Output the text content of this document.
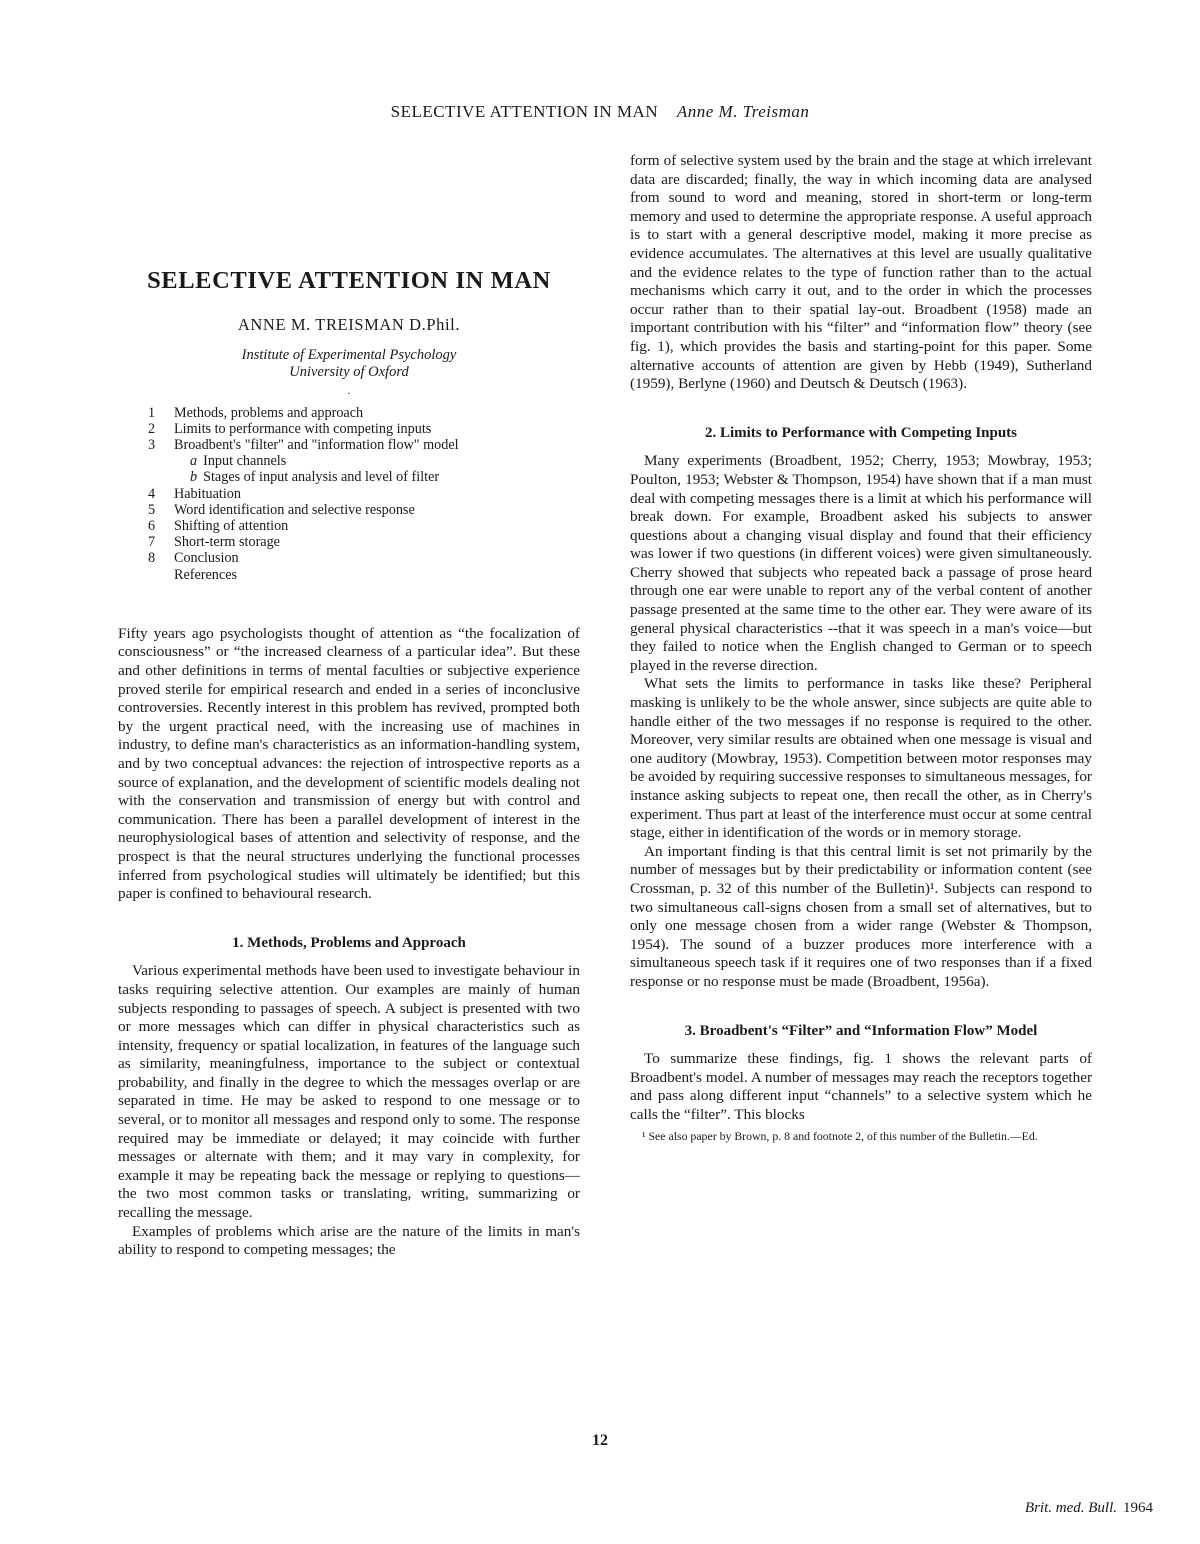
SELECTIVE ATTENTION IN MAN Anne M. Treisman
SELECTIVE ATTENTION IN MAN
ANNE M. TREISMAN D.Phil.
Institute of Experimental Psychology
University of Oxford
.
1	Methods, problems and approach
2	Limits to performance with competing inputs
3	Broadbent's "filter" and "information flow" model
a Input channels
b Stages of input analysis and level of filter
4	Habituation
5	Word identification and selective response
6	Shifting of attention
7	Short-term storage
8	Conclusion
References

Fifty years ago psychologists thought of attention as “the focalization of consciousness” or “the increased clearness of a particular idea”. But these and other definitions in terms of mental faculties or subjective experience proved sterile for empirical research and ended in a series of inconclusive controversies. Recently interest in this problem has revived, prompted both by the urgent practical need, with the increasing use of machines in industry, to define man's characteristics as an information-handling system, and by two conceptual advances: the rejection of introspective reports as a source of explanation, and the development of scientific models dealing not with the conservation and transmission of energy but with control and communication. There has been a parallel development of interest in the neurophysiological bases of attention and selectivity of response, and the prospect is that the neural structures underlying the functional processes inferred from psychological studies will ultimately be identified; but this paper is confined to behavioural research.

1. Methods, Problems and Approach

Various experimental methods have been used to investigate behaviour in tasks requiring selective attention. Our examples are mainly of human subjects responding to passages of speech. A subject is presented with two or more messages which can differ in physical characteristics such as intensity, frequency or spatial localization, in features of the language such as similarity, meaningfulness, importance to the subject or contextual probability, and finally in the degree to which the messages overlap or are separated in time. He may be asked to respond to one message or to several, or to monitor all messages and respond only to some. The response required may be immediate or delayed; it may coincide with further messages or alternate with them; and it may vary in complexity, for example it may be repeating back the message or replying to questions—the two most common tasks or translating, writing, summarizing or recalling the message.

Examples of problems which arise are the nature of the limits in man's ability to respond to competing messages; the

form of selective system used by the brain and the stage at which irrelevant data are discarded; finally, the way in which incoming data are analysed from sound to word and meaning, stored in short-term or long-term memory and used to determine the appropriate response. A useful approach is to start with a general descriptive model, making it more precise as evidence accumulates. The alternatives at this level are usually qualitative and the evidence relates to the type of function rather than to the actual mechanisms which carry it out, and to the order in which the processes occur rather than to their spatial lay-out. Broadbent (1958) made an important contribution with his “filter” and “information flow” theory (see fig. 1), which provides the basis and starting-point for this paper. Some alternative accounts of attention are given by Hebb (1949), Sutherland (1959), Berlyne (1960) and Deutsch & Deutsch (1963).

2. Limits to Performance with Competing Inputs

Many experiments (Broadbent, 1952; Cherry, 1953; Mowbray, 1953; Poulton, 1953; Webster & Thompson, 1954) have shown that if a man must deal with competing messages there is a limit at which his performance will break down. For example, Broadbent asked his subjects to answer questions about a changing visual display and found that their efficiency was lower if two questions (in different voices) were given simultaneously. Cherry showed that subjects who repeated back a passage of prose heard through one ear were unable to report any of the verbal content of another passage presented at the same time to the other ear. They were aware of its general physical characteristics --that it was speech in a man's voice—but they failed to notice when the English changed to German or to speech played in the reverse direction.

What sets the limits to performance in tasks like these? Peripheral masking is unlikely to be the whole answer, since subjects are quite able to handle either of the two messages if no response is required to the other. Moreover, very similar results are obtained when one message is visual and one auditory (Mowbray, 1953). Competition between motor responses may be avoided by requiring successive responses to simultaneous messages, for instance asking subjects to repeat one, then recall the other, as in Cherry's experiment. Thus part at least of the interference must occur at some central stage, either in identification of the words or in memory storage.

An important finding is that this central limit is set not primarily by the number of messages but by their predictability or information content (see Crossman, p. 32 of this number of the Bulletin)¹. Subjects can respond to two simultaneous call-signs chosen from a small set of alternatives, but to only one message chosen from a wider range (Webster & Thompson, 1954). The sound of a buzzer produces more interference with a simultaneous speech task if it requires one of two responses than if a fixed response or no response must be made (Broadbent, 1956a).

3. Broadbent's “Filter” and “Information Flow” Model

To summarize these findings, fig. 1 shows the relevant parts of Broadbent's model. A number of messages may reach the receptors together and pass along different input “channels” to a selective system which he calls the “filter”. This blocks

¹ See also paper by Brown, p. 8 and footnote 2, of this number of the Bulletin.—Ed.
12
Brit. med. Bull. 1964
